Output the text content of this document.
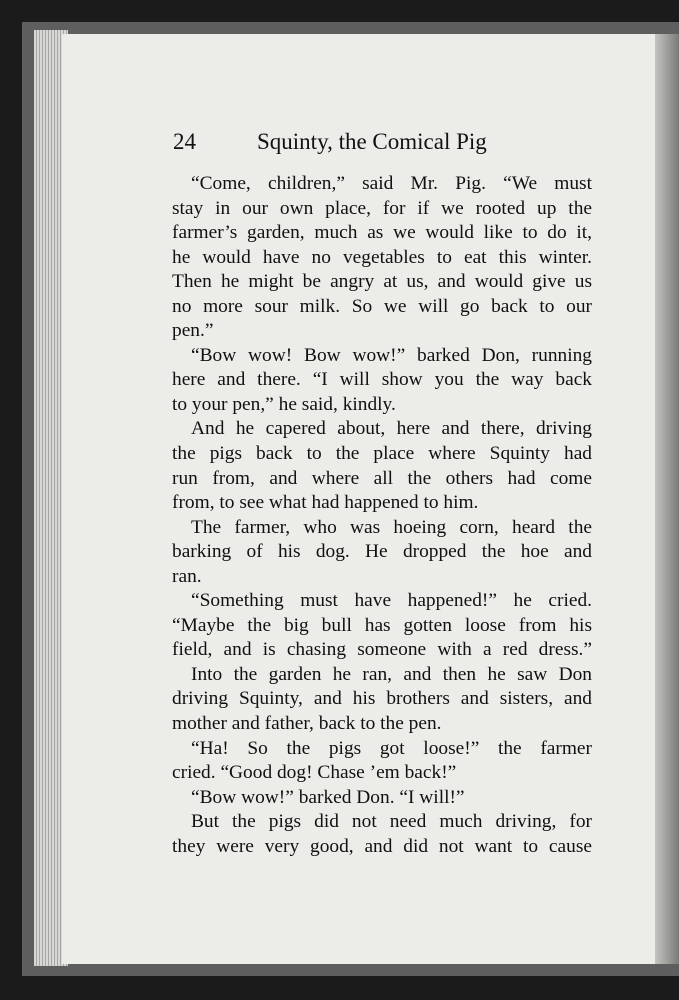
24

	Squinty, the Comical Pig

“Come, children,” said Mr. Pig. “We must
stay in our own place, for if we rooted up the
farmer’s garden, much as we would like to do it,
he would have no vegetables to eat this winter.
Then he might be angry at us, and would give us
no more sour milk. So we will go back to our
pen.”
“Bow wow! Bow wow!” barked Don, running
here and there. “I will show you the way back
to your pen,” he said, kindly.
And he capered about, here and there, driving
the pigs back to the place where Squinty had
run from, and where all the others had come
from, to see what had happened to him.
The farmer, who was hoeing corn, heard the
barking of his dog. He dropped the hoe and
ran.
“Something must have happened!” he cried.
“Maybe the big bull has gotten loose from his
field, and is chasing someone with a red dress.”
Into the garden he ran, and then he saw Don
driving Squinty, and his brothers and sisters, and
mother and father, back to the pen.
“Ha! So the pigs got loose!” the farmer
cried. “Good dog! Chase ’em back!”
“Bow wow!” barked Don. “I will!”
But the pigs did not need much driving, for
they were very good, and did not want to cause
